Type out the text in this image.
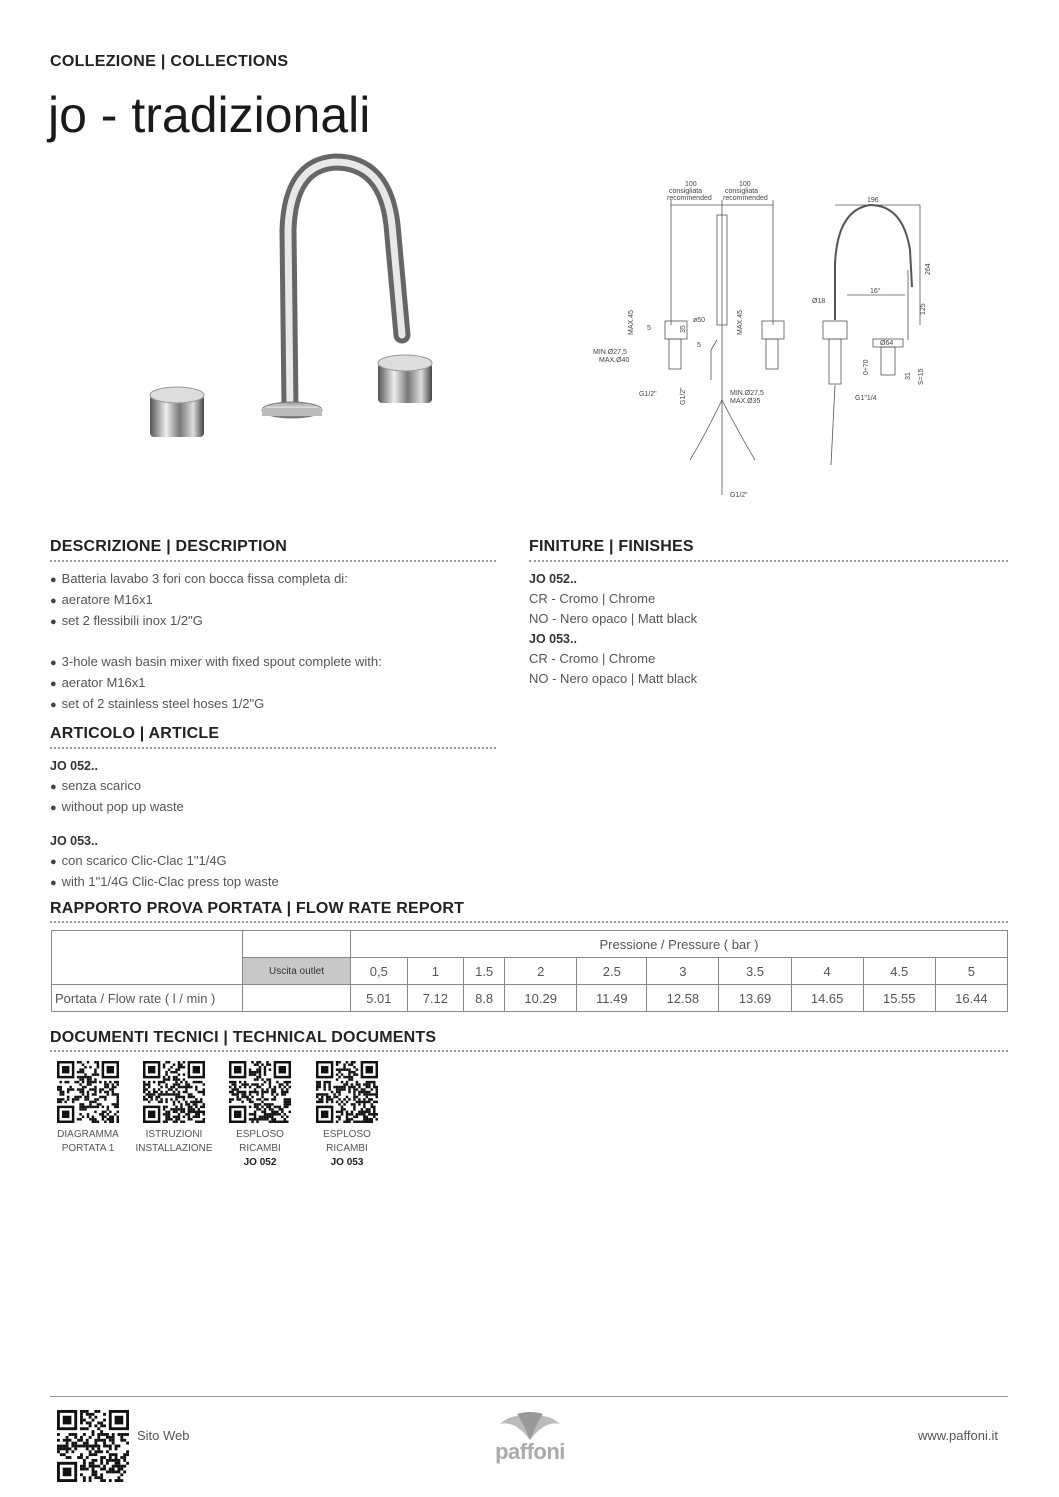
COLLEZIONE | COLLECTIONS
jo - tradizionali
100
consigliata
recommended
100
consigliata
recommended	196
264
125
16°
Ø18
Ø64
ø50
MAX.45 5	35	MAX.45
5
MIN.Ø27,5
MAX.Ø40
G1/2"	G1/2"	MIN.Ø27,5
MAX.Ø35
G1/2"
G1"1/4
0÷70
31 S=15
DESCRIZIONE | DESCRIPTION
● Batteria lavabo 3 fori con bocca fissa completa di:
● aeratore M16x1
● set 2 flessibili inox 1/2"G
● 3-hole wash basin mixer with fixed spout complete with:
● aerator M16x1
● set of 2 stainless steel hoses 1/2"G
FINITURE | FINISHES
JO 052..
CR - Cromo | Chrome
NO - Nero opaco | Matt black
JO 053..
CR - Cromo | Chrome
NO - Nero opaco | Matt black
ARTICOLO | ARTICLE
JO 052..
● senza scarico
● without pop up waste
JO 053..
● con scarico Clic-Clac 1"1/4G
● with 1"1/4G Clic-Clac press top waste
RAPPORTO PROVA PORTATA | FLOW RATE REPORT
		Pressione / Pressure ( bar )									
	Uscita outlet	0,5	1	1.5	2	2.5	3	3.5	4	4.5	5
Portata / Flow rate ( l / min )		5.01	7.12	8.8	10.29	11.49	12.58	13.69	14.65	15.55	16.44
DOCUMENTI TECNICI | TECHNICAL DOCUMENTS
DIAGRAMMA
PORTATA 1
ISTRUZIONI
INSTALLAZIONE
ESPLOSO
RICAMBI
JO 052
ESPLOSO
RICAMBI
JO 053
Sito Web
paffoni
www.paffoni.it
